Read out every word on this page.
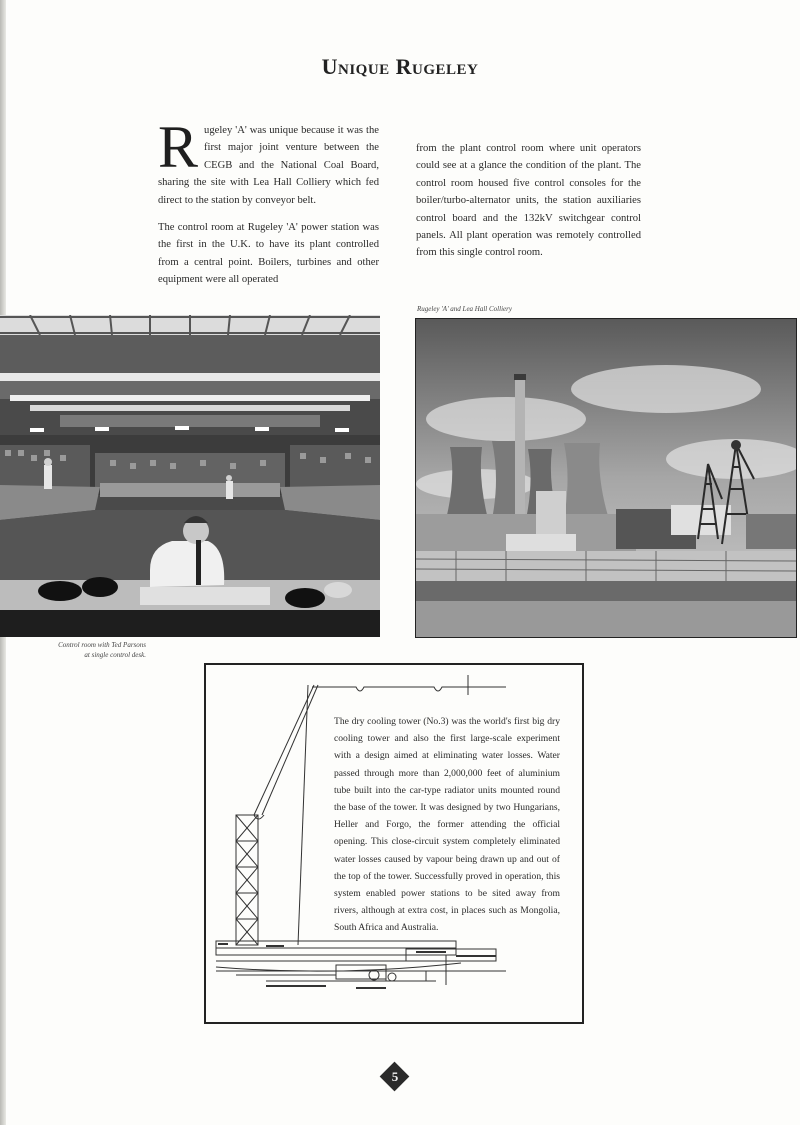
Unique Rugeley

Rugeley 'A' was unique because it was the first major joint venture between the CEGB and the National Coal Board, sharing the site with Lea Hall Colliery which fed direct to the station by conveyor belt.

The control room at Rugeley 'A' power station was the first in the U.K. to have its plant controlled from a central point. Boilers, turbines and other equipment were all operated

from the plant control room where unit operators could see at a glance the condition of the plant. The control room housed five control consoles for the boiler/turbo-alternator units, the station auxiliaries control board and the 132kV switchgear control panels. All plant operation was remotely controlled from this single control room.

Rugeley 'A' and Lea Hall Colliery
Control room with Ted Parsons
at single control desk.
The dry cooling tower (No.3) was the world's first big dry cooling tower and also the first large-scale experiment with a design aimed at eliminating water losses. Water passed through more than 2,000,000 feet of aluminium tube built into the car-type radiator units mounted round the base of the tower. It was designed by two Hungarians, Heller and Forgo, the former attending the official opening. This close-circuit system completely eliminated water losses caused by vapour being drawn up and out of the top of the tower. Successfully proved in operation, this system enabled power stations to be sited away from rivers, although at extra cost, in places such as Mongolia, South Africa and Australia.
5
